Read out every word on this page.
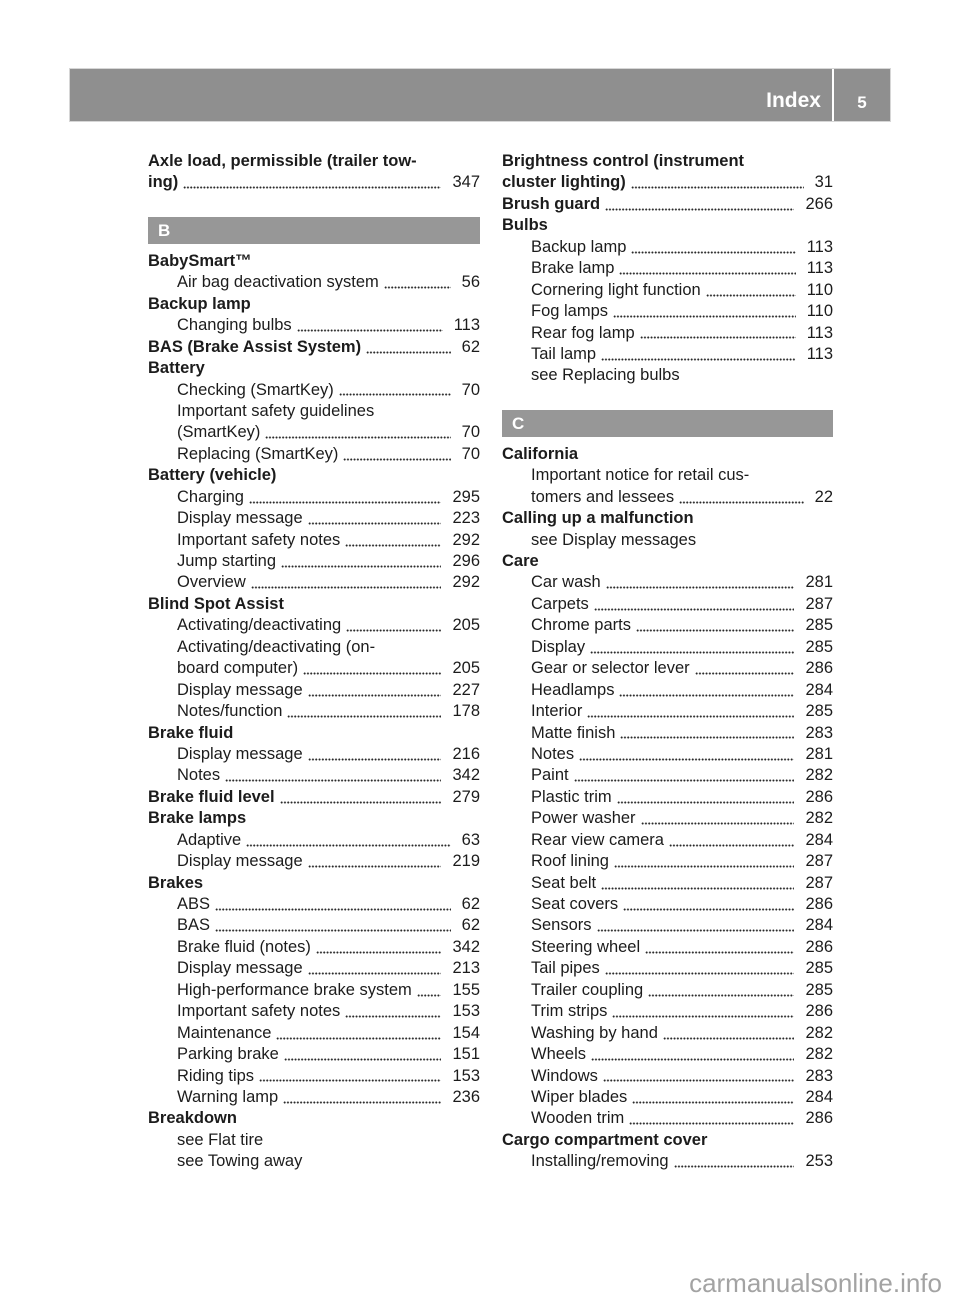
Index	5
Axle load, permissible (trailer tow-
ing)	347
B
BabySmart™
Air bag deactivation system	56
Backup lamp
Changing bulbs	113
BAS (Brake Assist System)	62
Battery
Checking (SmartKey)	70
Important safety guidelines
(SmartKey)	70
Replacing (SmartKey)	70
Battery (vehicle)
Charging	295
Display message	223
Important safety notes	292
Jump starting	296
Overview	292
Blind Spot Assist
Activating/deactivating	205
Activating/deactivating (on-
board computer)	205
Display message	227
Notes/function	178
Brake fluid
Display message	216
Notes	342
Brake fluid level	279
Brake lamps
Adaptive	63
Display message	219
Brakes
ABS	62
BAS	62
Brake fluid (notes)	342
Display message	213
High-performance brake system 155
Important safety notes	153
Maintenance	154
Parking brake	151
Riding tips	153
Warning lamp	236
Breakdown
see Flat tire
see Towing away
Brightness control (instrument
cluster lighting)	31
Brush guard	266
Bulbs
Backup lamp	113
Brake lamp	113
Cornering light function	110
Fog lamps	110
Rear fog lamp	113
Tail lamp	113
see Replacing bulbs
C
California
Important notice for retail cus-
tomers and lessees	22
Calling up a malfunction
see Display messages
Care
Car wash	281
Carpets	287
Chrome parts	285
Display	285
Gear or selector lever	286
Headlamps	284
Interior	285
Matte finish	283
Notes	281
Paint	282
Plastic trim	286
Power washer	282
Rear view camera	284
Roof lining	287
Seat belt	287
Seat covers	286
Sensors	284
Steering wheel	286
Tail pipes	285
Trailer coupling	285
Trim strips	286
Washing by hand	282
Wheels	282
Windows	283
Wiper blades	284
Wooden trim	286
Cargo compartment cover
Installing/removing	253
carmanualsonline.info
